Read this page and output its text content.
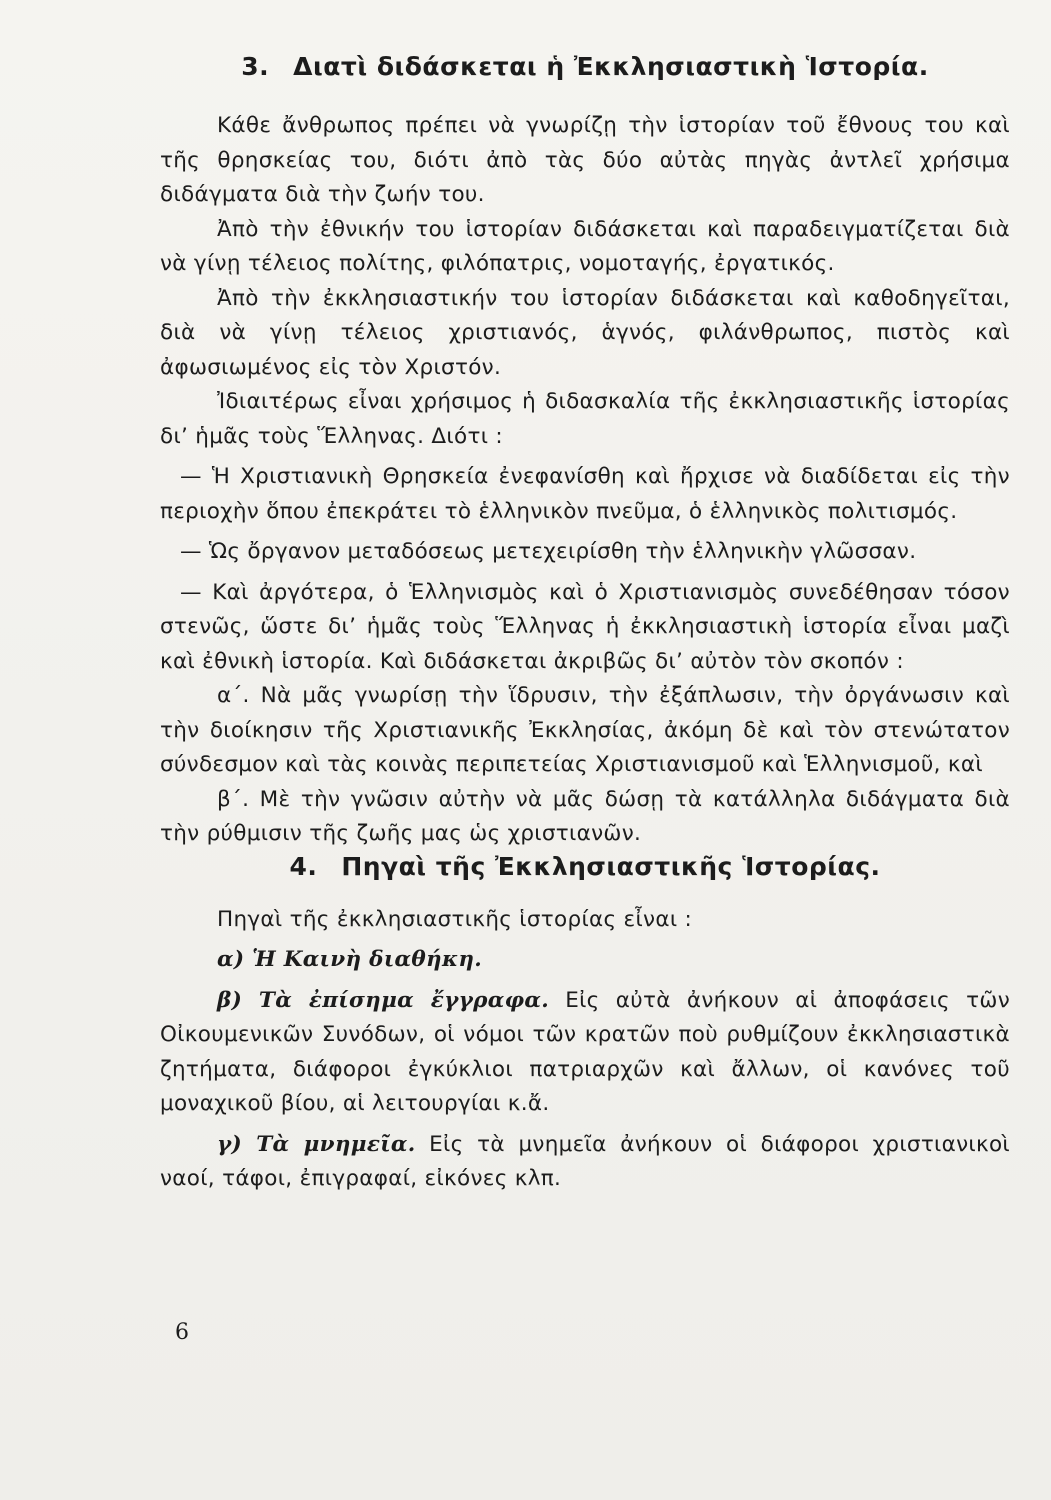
3. Διατὶ διδάσκεται ἡ Ἐκκλησιαστικὴ Ἱστορία.

Κάθε ἄνθρωπος πρέπει νὰ γνωρίζῃ τὴν ἱστορίαν τοῦ ἔθνους του καὶ τῆς θρησκείας του, διότι ἀπὸ τὰς δύο αὐτὰς πηγὰς ἀντλεῖ χρήσιμα διδάγματα διὰ τὴν ζωήν του.

Ἀπὸ τὴν ἐθνικήν του ἱστορίαν διδάσκεται καὶ παραδειγματίζεται διὰ νὰ γίνῃ τέλειος πολίτης, φιλόπατρις, νομοταγής, ἐργατικός.

Ἀπὸ τὴν ἐκκλησιαστικήν του ἱστορίαν διδάσκεται καὶ καθοδηγεῖται, διὰ νὰ γίνῃ τέλειος χριστιανός, ἁγνός, φιλάνθρωπος, πιστὸς καὶ ἀφωσιωμένος εἰς τὸν Χριστόν.

Ἰδιαιτέρως εἶναι χρήσιμος ἡ διδασκαλία τῆς ἐκκλησιαστικῆς ἱστορίας δι’ ἡμᾶς τοὺς Ἕλληνας. Διότι :

— Ἡ Χριστιανικὴ Θρησκεία ἐνεφανίσθη καὶ ἤρχισε νὰ διαδίδεται εἰς τὴν περιοχὴν ὅπου ἐπεκράτει τὸ ἑλληνικὸν πνεῦμα, ὁ ἑλληνικὸς πολιτισμός.

— Ὡς ὄργανον μεταδόσεως μετεχειρίσθη τὴν ἑλληνικὴν γλῶσσαν.

— Καὶ ἀργότερα, ὁ Ἑλληνισμὸς καὶ ὁ Χριστιανισμὸς συνεδέθησαν τόσον στενῶς, ὥστε δι’ ἡμᾶς τοὺς Ἕλληνας ἡ ἐκκλησιαστικὴ ἱστορία εἶναι μαζὶ καὶ ἐθνικὴ ἱστορία. Καὶ διδάσκεται ἀκριβῶς δι’ αὐτὸν τὸν σκοπόν :

α΄. Νὰ μᾶς γνωρίσῃ τὴν ἵδρυσιν, τὴν ἐξάπλωσιν, τὴν ὀργάνωσιν καὶ τὴν διοίκησιν τῆς Χριστιανικῆς Ἐκκλησίας, ἀκόμη δὲ καὶ τὸν στενώτατον σύνδεσμον καὶ τὰς κοινὰς περιπετείας Χριστιανισμοῦ καὶ Ἑλληνισμοῦ, καὶ

β΄. Μὲ τὴν γνῶσιν αὐτὴν νὰ μᾶς δώσῃ τὰ κατάλληλα διδάγματα διὰ τὴν ρύθμισιν τῆς ζωῆς μας ὡς χριστιανῶν.

4. Πηγαὶ τῆς Ἐκκλησιαστικῆς Ἱστορίας.

Πηγαὶ τῆς ἐκκλησιαστικῆς ἱστορίας εἶναι :

α) Ἡ Καινὴ διαθήκη.

β) Τὰ ἐπίσημα ἔγγραφα. Εἰς αὐτὰ ἀνήκουν αἱ ἀποφάσεις τῶν Οἰκουμενικῶν Συνόδων, οἱ νόμοι τῶν κρατῶν ποὺ ρυθμίζουν ἐκκλησιαστικὰ ζητήματα, διάφοροι ἐγκύκλιοι πατριαρχῶν καὶ ἄλλων, οἱ κανόνες τοῦ μοναχικοῦ βίου, αἱ λειτουργίαι κ.ἄ.

γ) Τὰ μνημεῖα. Εἰς τὰ μνημεῖα ἀνήκουν οἱ διάφοροι χριστιανικοὶ ναοί, τάφοι, ἐπιγραφαί, εἰκόνες κλπ.

6
